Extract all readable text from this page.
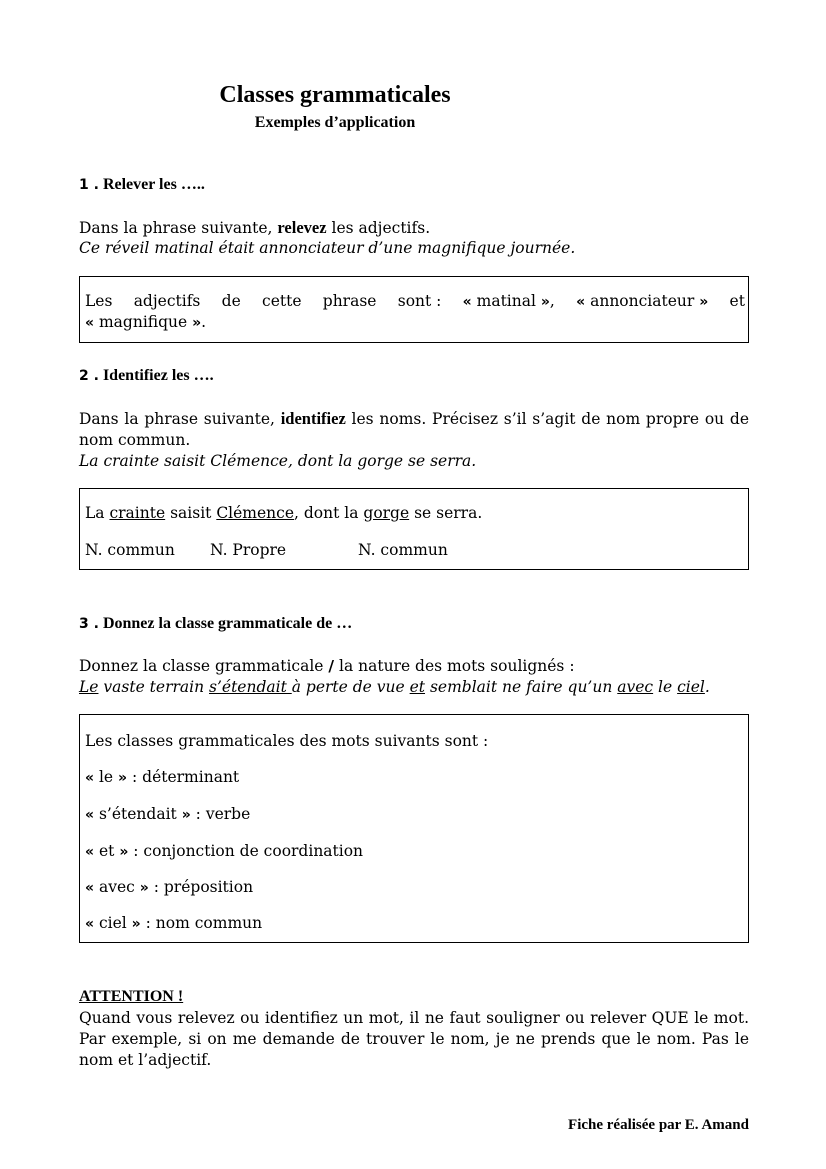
Classes grammaticales
Exemples d’application
1 . Relever les …..
Dans la phrase suivante, relevez les adjectifs.
Ce réveil matinal était annonciateur d’une magnifique journée.
Les adjectifs de cette phrase sont : « matinal », « annonciateur » et
« magnifique ».
2 . Identifiez les ….
Dans la phrase suivante, identifiez les noms. Précisez s’il s’agit de nom propre ou de nom commun.
La crainte saisit Clémence, dont la gorge se serra.
La crainte saisit Clémence, dont la gorge se serra.
N. commun N. Propre	N. commun
3 . Donnez la classe grammaticale de …
Donnez la classe grammaticale / la nature des mots soulignés :
Le vaste terrain s’étendait à perte de vue et semblait ne faire qu’un avec le ciel.
Les classes grammaticales des mots suivants sont :
« le » : déterminant
« s’étendait » : verbe
« et » : conjonction de coordination
« avec » : préposition
« ciel » : nom commun
ATTENTION !
Quand vous relevez ou identifiez un mot, il ne faut souligner ou relever QUE le mot. Par exemple, si on me demande de trouver le nom, je ne prends que le nom. Pas le nom et l’adjectif.
Fiche réalisée par E. Amand
